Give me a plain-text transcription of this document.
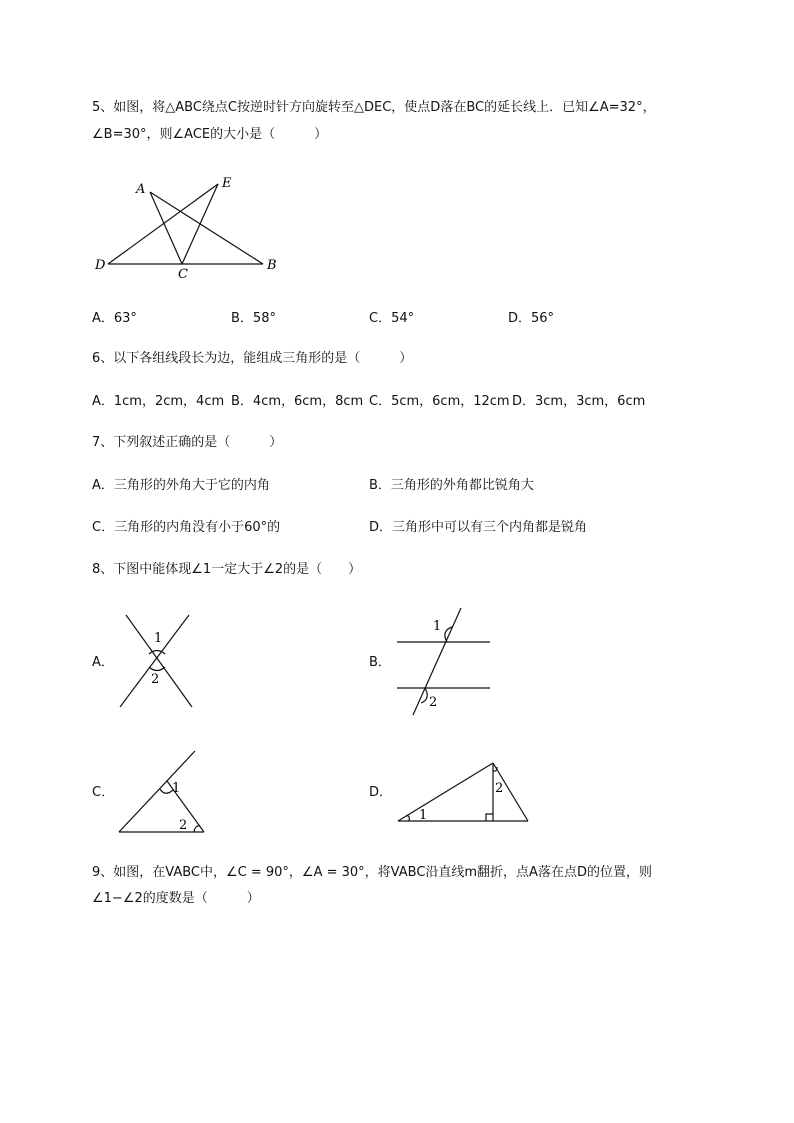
5、如图，将△ABC绕点C按逆时针方向旋转至△DEC，使点D落在BC的延长线上．已知∠A=32°，
∠B=30°，则∠ACE的大小是（　　　）
A	E
D
C
B
A．63°	B．58°	C．54°	D．56°
6、以下各组线段长为边，能组成三角形的是（　　　）
A．1cm，2cm，4cm B．4cm，6cm，8cm C．5cm，6cm，12cm D．3cm，3cm，6cm
7、下列叙述正确的是（　　　）
A．三角形的外角大于它的内角	B．三角形的外角都比锐角大
C．三角形的内角没有小于60°的	D．三角形中可以有三个内角都是锐角
8、下图中能体现∠1一定大于∠2的是（　　）
A．	B．
C．	D．
1
2
1
2
1
2
1
2
9、如图，在VABC中，∠C = 90°，∠A = 30°，将VABC沿直线m翻折，点A落在点D的位置，则
∠1−∠2的度数是（　　　）
